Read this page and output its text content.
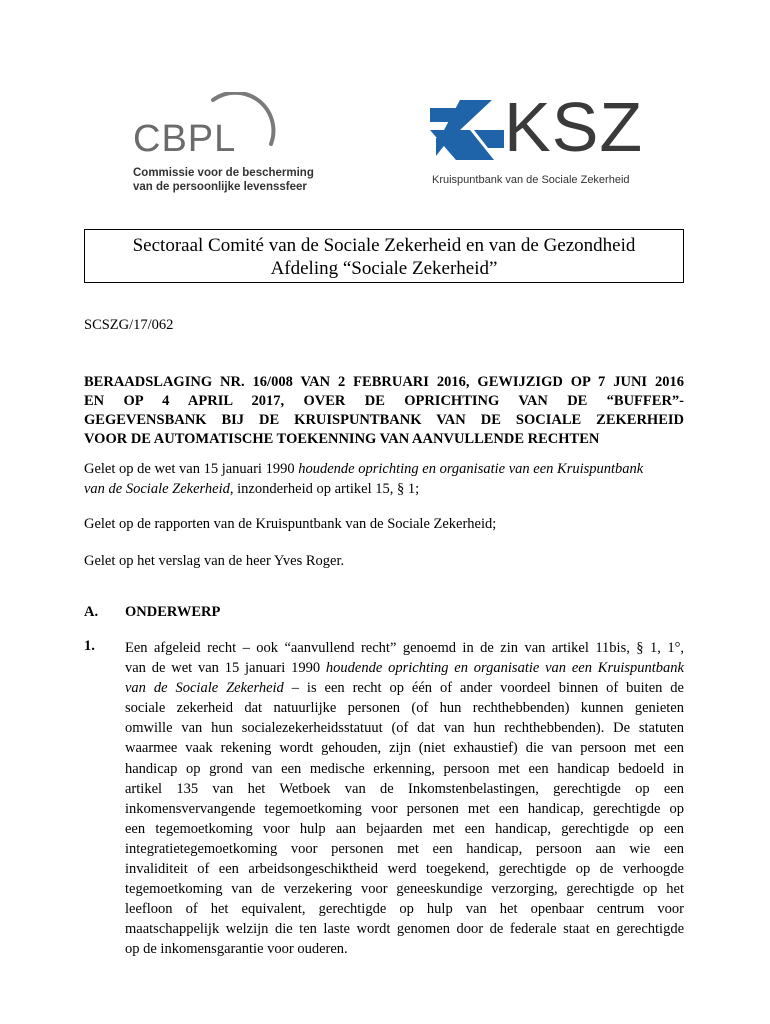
CBPL
Commissie voor de bescherming
van de persoonlijke levenssfeer
KSZ
Kruispuntbank van de Sociale Zekerheid
Sectoraal Comité van de Sociale Zekerheid en van de Gezondheid
Afdeling “Sociale Zekerheid”
SCSZG/17/062
BERAADSLAGING NR. 16/008 VAN 2 FEBRUARI 2016, GEWIJZIGD OP 7 JUNI 2016
EN OP 4 APRIL 2017, OVER DE OPRICHTING VAN DE “BUFFER”-
GEGEVENSBANK BIJ DE KRUISPUNTBANK VAN DE SOCIALE ZEKERHEID
VOOR DE AUTOMATISCHE TOEKENNING VAN AANVULLENDE RECHTEN
Gelet op de wet van 15 januari 1990 houdende oprichting en organisatie van een Kruispuntbank
van de Sociale Zekerheid, inzonderheid op artikel 15, § 1;
Gelet op de rapporten van de Kruispuntbank van de Sociale Zekerheid;
Gelet op het verslag van de heer Yves Roger.
A. ONDERWERP
1. Een afgeleid recht – ook “aanvullend recht” genoemd in de zin van artikel 11bis, § 1, 1°,
van de wet van 15 januari 1990 houdende oprichting en organisatie van een Kruispuntbank
van de Sociale Zekerheid – is een recht op één of ander voordeel binnen of buiten de
sociale zekerheid dat natuurlijke personen (of hun rechthebbenden) kunnen genieten
omwille van hun socialezekerheidsstatuut (of dat van hun rechthebbenden). De statuten
waarmee vaak rekening wordt gehouden, zijn (niet exhaustief) die van persoon met een
handicap op grond van een medische erkenning, persoon met een handicap bedoeld in
artikel 135 van het Wetboek van de Inkomstenbelastingen, gerechtigde op een
inkomensvervangende tegemoetkoming voor personen met een handicap, gerechtigde op
een tegemoetkoming voor hulp aan bejaarden met een handicap, gerechtigde op een
integratietegemoetkoming voor personen met een handicap, persoon aan wie een
invaliditeit of een arbeidsongeschiktheid werd toegekend, gerechtigde op de verhoogde
tegemoetkoming van de verzekering voor geneeskundige verzorging, gerechtigde op het
leefloon of het equivalent, gerechtigde op hulp van het openbaar centrum voor
maatschappelijk welzijn die ten laste wordt genomen door de federale staat en gerechtigde
op de inkomensgarantie voor ouderen.
